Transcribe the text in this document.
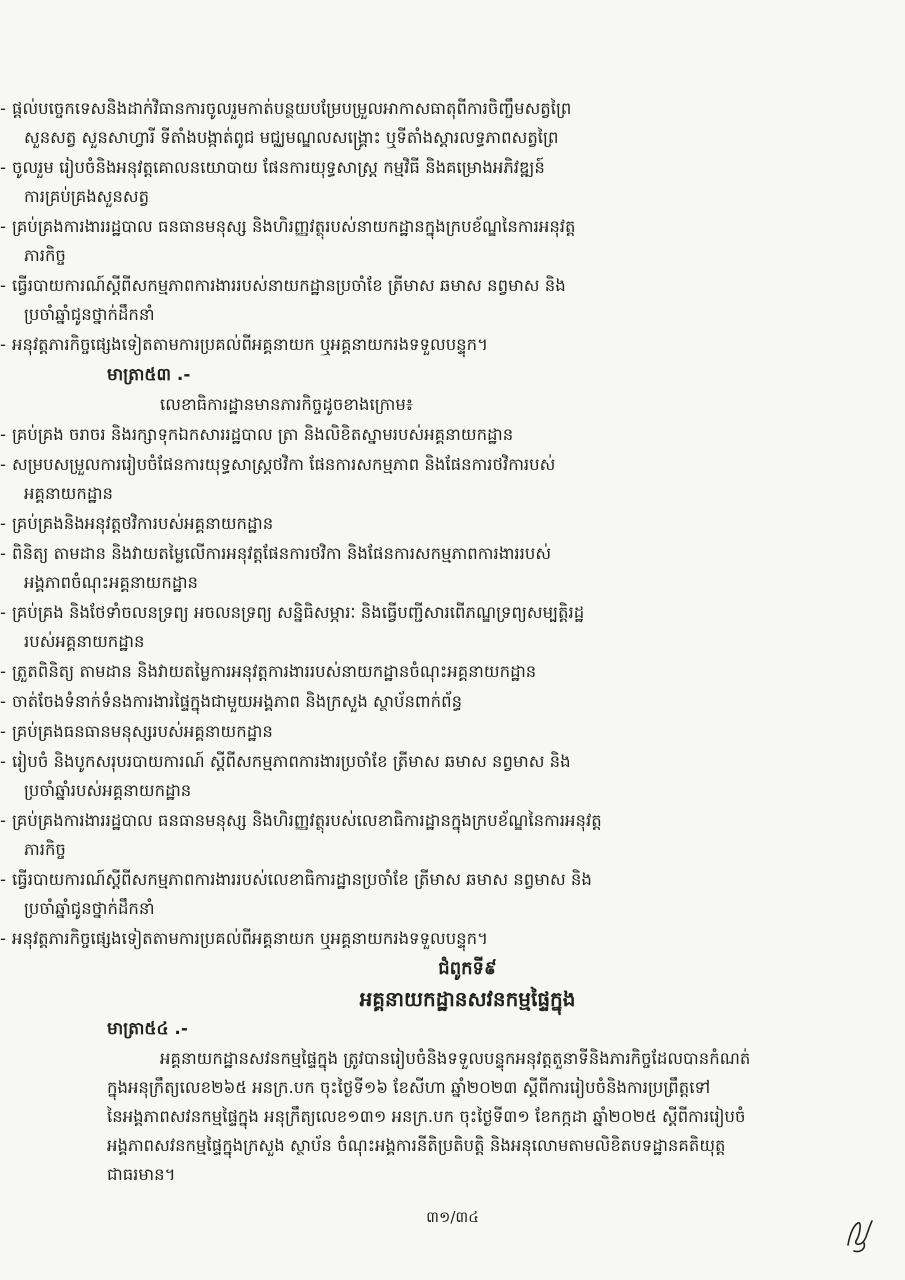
- ផ្តល់បច្ចេកទេសនិងដាក់វិធានការចូលរួមកាត់បន្ថយបម្រែបម្រួលអាកាសធាតុពីការចិញ្ចឹមសត្វព្រៃ
សួនសត្វ សួនសាហ្វារី ទីតាំងបង្កាត់ពូជ មជ្ឈមណ្ឌលសង្គ្រោះ ឬទីតាំងស្តារលទ្ធភាពសត្វព្រៃ
- ចូលរួម រៀបចំនិងអនុវត្តគោលនយោបាយ ផែនការយុទ្ធសាស្ត្រ កម្មវិធី និងគម្រោងអភិវឌ្ឍន៍
ការគ្រប់គ្រងសួនសត្វ
- គ្រប់គ្រងការងាររដ្ឋបាល ធនធានមនុស្ស និងហិរញ្ញវត្ថុរបស់នាយកដ្ឋានក្នុងក្របខ័ណ្ឌនៃការអនុវត្ត
ភារកិច្ច
- ធ្វើរបាយការណ៍ស្តីពីសកម្មភាពការងាររបស់នាយកដ្ឋានប្រចាំខែ ត្រីមាស ឆមាស នព្វមាស និង
ប្រចាំឆ្នាំជូនថ្នាក់ដឹកនាំ
- អនុវត្តភារកិច្ចផ្សេងទៀតតាមការប្រគល់ពីអគ្គនាយក ឬអគ្គនាយករងទទួលបន្ទុក។
មាត្រា៥៣ .-
លេខាធិការដ្ឋានមានភារកិច្ចដូចខាងក្រោម៖
- គ្រប់គ្រង ចរាចរ និងរក្សាទុកឯកសាររដ្ឋបាល ត្រា និងលិខិតស្នាមរបស់អគ្គនាយកដ្ឋាន
- សម្របសម្រួលការរៀបចំផែនការយុទ្ធសាស្ត្រថវិកា ផែនការសកម្មភាព និងផែនការថវិការបស់
អគ្គនាយកដ្ឋាន
- គ្រប់គ្រងនិងអនុវត្តថវិការបស់អគ្គនាយកដ្ឋាន
- ពិនិត្យ តាមដាន និងវាយតម្លៃលើការអនុវត្តផែនការថវិកា និងផែនការសកម្មភាពការងាររបស់
អង្គភាពចំណុះអគ្គនាយកដ្ឋាន
- គ្រប់គ្រង និងថែទាំចលនទ្រព្យ អចលនទ្រព្យ សន្និធិសម្ភារៈ និងធ្វើបញ្ជីសារពើភណ្ឌទ្រព្យសម្បត្តិរដ្ឋ
របស់អគ្គនាយកដ្ឋាន
- ត្រួតពិនិត្យ តាមដាន និងវាយតម្លៃការអនុវត្តការងាររបស់នាយកដ្ឋានចំណុះអគ្គនាយកដ្ឋាន
- ចាត់ចែងទំនាក់ទំនងការងារផ្ទៃក្នុងជាមួយអង្គភាព និងក្រសួង ស្ថាប័នពាក់ព័ន្ធ
- គ្រប់គ្រងធនធានមនុស្សរបស់អគ្គនាយកដ្ឋាន
- រៀបចំ និងបូកសរុបរបាយការណ៍ ស្តីពីសកម្មភាពការងារប្រចាំខែ ត្រីមាស ឆមាស នព្វមាស និង
ប្រចាំឆ្នាំរបស់អគ្គនាយកដ្ឋាន
- គ្រប់គ្រងការងាររដ្ឋបាល ធនធានមនុស្ស និងហិរញ្ញវត្ថុរបស់លេខាធិការដ្ឋានក្នុងក្របខ័ណ្ឌនៃការអនុវត្ត
ភារកិច្ច
- ធ្វើរបាយការណ៍ស្តីពីសកម្មភាពការងាររបស់លេខាធិការដ្ឋានប្រចាំខែ ត្រីមាស ឆមាស នព្វមាស និង
ប្រចាំឆ្នាំជូនថ្នាក់ដឹកនាំ
- អនុវត្តភារកិច្ចផ្សេងទៀតតាមការប្រគល់ពីអគ្គនាយក ឬអគ្គនាយករងទទួលបន្ទុក។
ជំពូកទី៩
អគ្គនាយកដ្ឋានសវនកម្មផ្ទៃក្នុង
មាត្រា៥៤ .-
អគ្គនាយកដ្ឋានសវនកម្មផ្ទៃក្នុង ត្រូវបានរៀបចំនិងទទួលបន្ទុកអនុវត្តតួនាទីនិងភារកិច្ចដែលបានកំណត់
ក្នុងអនុក្រឹត្យលេខ២៦៥ អនក្រ.បក ចុះថ្ងៃទី១៦ ខែសីហា ឆ្នាំ២០២៣ ស្តីពីការរៀបចំនិងការប្រព្រឹត្តទៅ
នៃអង្គភាពសវនកម្មផ្ទៃក្នុង អនុក្រឹត្យលេខ១៣១ អនក្រ.បក ចុះថ្ងៃទី៣១ ខែកក្កដា ឆ្នាំ២០២៥ ស្តីពីការរៀបចំ
អង្គភាពសវនកម្មផ្ទៃក្នុងក្រសួង ស្ថាប័ន ចំណុះអង្គការនីតិប្រតិបត្តិ និងអនុលោមតាមលិខិតបទដ្ឋានគតិយុត្ត
ជាធរមាន។
៣១/៣៤
